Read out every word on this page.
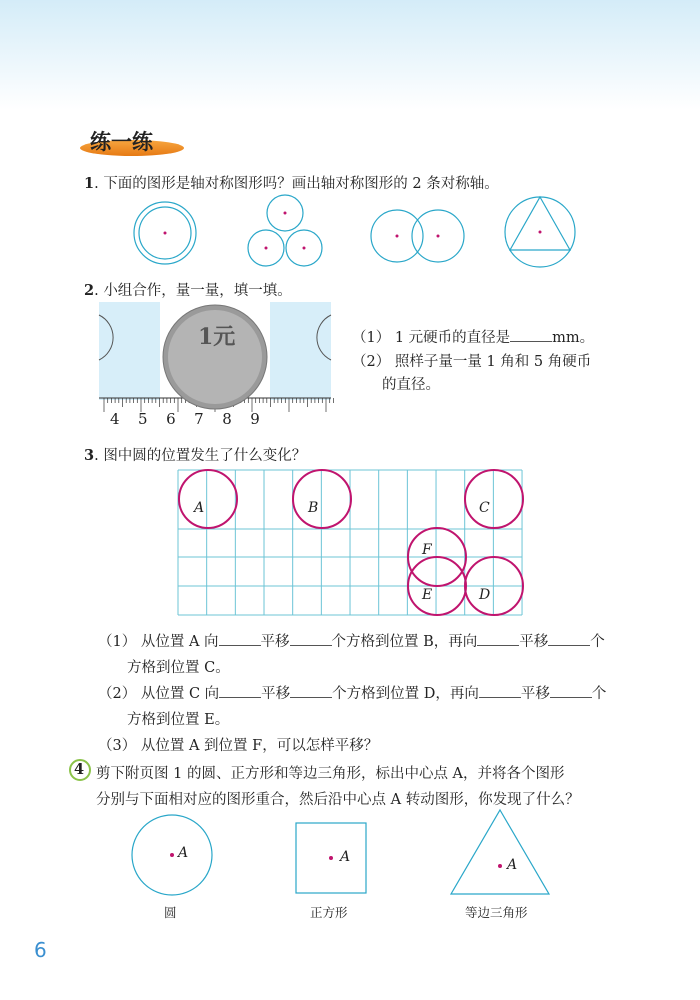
练一练
1. 下面的图形是轴对称图形吗？画出轴对称图形的 2 条对称轴。
2. 小组合作，量一量，填一填。
1元
4 5 6 7 8 9
（1） 1 元硬币的直径是	mm。
（2） 照样子量一量 1 角和 5 角硬币
的直径。
3. 图中圆的位置发生了什么变化？
A	B	C
F
E	D
（1） 从位置 A 向	平移	个方格到位置 B，再向	平移	个
方格到位置 C。
（2） 从位置 C 向	平移	个方格到位置 D，再向	平移	个
方格到位置 E。
（3） 从位置 A 到位置 F，可以怎样平移？
4 剪下附页图 1 的圆、正方形和等边三角形，标出中心点 A，并将各个图形
分别与下面相对应的图形重合，然后沿中心点 A 转动图形，你发现了什么？
A	A	A
圆	正方形	等边三角形
6
